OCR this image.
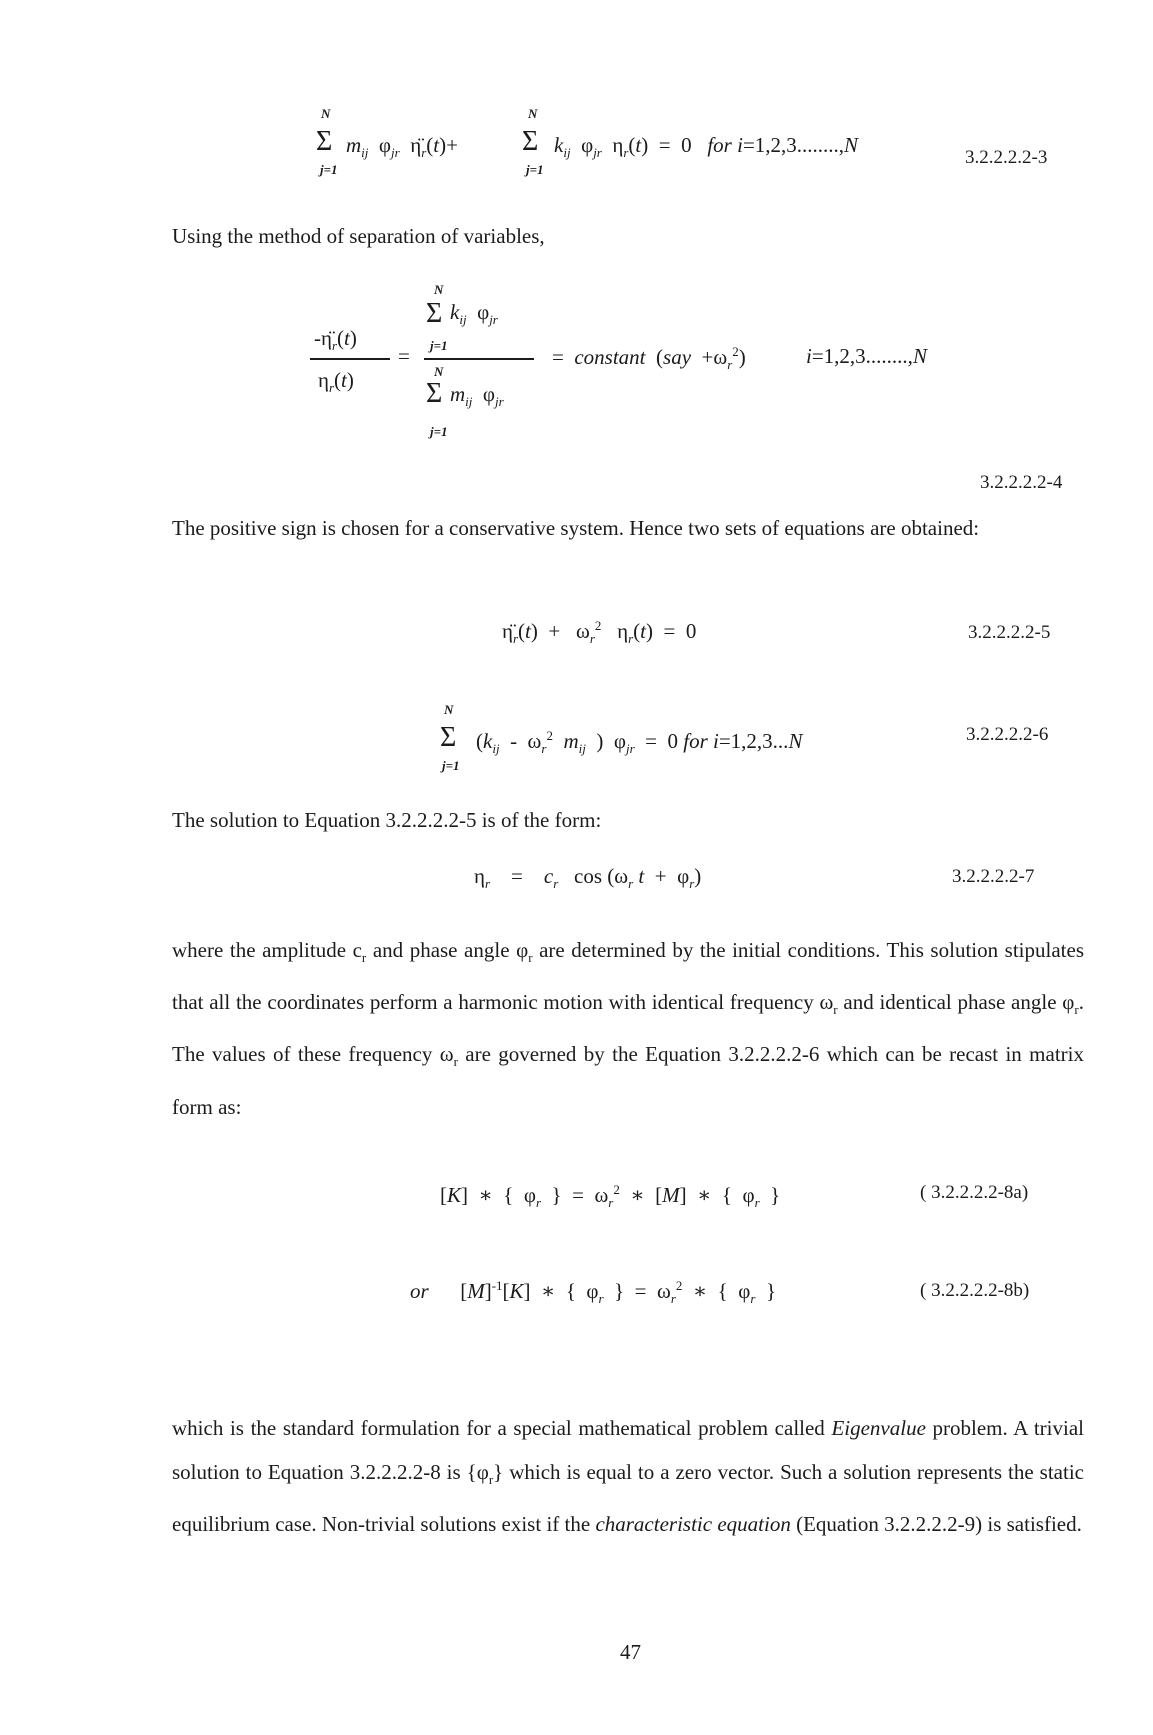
N
Σ
j=1
$m_{ij}$  $\varphi_{jr}$  $\etä_r(t)+$
N
Σ
j=1
$k_{ij}$  $\varphi_{jr}$  $\eta_r(t) = 0$   for i=1,2,3........,N
3.2.2.2.2-3

Using the method of separation of variables,

$-\etä_r(t)$
$\eta_r(t)$
=
N
Σ $k_{ij}$  $\varphi_{jr}$
j=1
N
Σ $m_{ij}$  $\varphi_{jr}$
j=1
=  constant  $(say +\omega_r^2)$	i=1,2,3........,N
3.2.2.2.2-4

The positive sign is chosen for a conservative system. Hence two sets of equations are obtained:

$\etä_r(t) + \omega_r^2$   $\eta_r(t) = 0$	3.2.2.2.2-5
N
Σ
j=1
($k_{ij} - \omega_r^2$ $m_{ij}$  )  $\varphi_{jr} = 0$ for i=1,2,3...N	3.2.2.2.2-6

The solution to Equation 3.2.2.2.2-5 is of the form:

$\eta_r$    =    $c_r$   $\cos (\omega_r$ $t + \varphi_r$)	3.2.2.2.2-7

where the amplitude $c_r$ and phase angle $\varphi_r$ are determined by the initial conditions. This solution stipulates that all the coordinates perform a harmonic motion with identical frequency $\omega_r$ and identical phase angle $\varphi_r$. The values of these frequency $\omega_r$ are governed by the Equation 3.2.2.2.2-6 which can be recast in matrix form as:

[K]  ∗  {  $\varphi_r$  }  =  $\omega_r^2$  ∗  [M]  ∗  {  $\varphi_r$  }	( 3.2.2.2.2-8a)
or      $[M]^{-1}[K]$  ∗  {  $\varphi_r$  }  =  $\omega_r^2$  ∗  {  $\varphi_r$  }	( 3.2.2.2.2-8b)

which is the standard formulation for a special mathematical problem called Eigenvalue problem. A trivial solution to Equation 3.2.2.2.2-8 is $\{\varphi_r\}$ which is equal to a zero vector. Such a solution represents the static equilibrium case. Non-trivial solutions exist if the characteristic equation (Equation 3.2.2.2.2-9) is satisfied.

47
